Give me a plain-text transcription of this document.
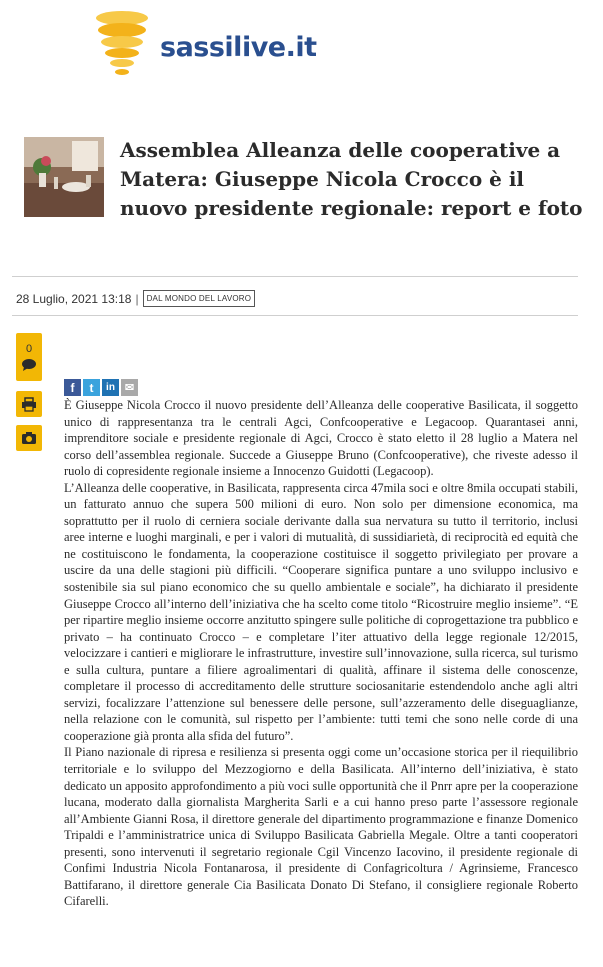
sassilive.it
Assemblea Alleanza delle cooperative a Matera: Giuseppe Nicola Crocco è il nuovo presidente regionale: report e foto
28 Luglio, 2021 13:18 |	DAL MONDO DEL LAVORO
0
f t in ✉

È Giuseppe Nicola Crocco il nuovo presidente dell’Alleanza delle cooperative Basilicata, il soggetto unico di rappresentanza tra le centrali Agci, Confcooperative e Legacoop. Quarantasei anni, imprenditore sociale e presidente regionale di Agci, Crocco è stato eletto il 28 luglio a Matera nel corso dell’assemblea regionale. Succede a Giuseppe Bruno (Confcooperative), che riveste adesso il ruolo di copresidente regionale insieme a Innocenzo Guidotti (Legacoop).

L’Alleanza delle cooperative, in Basilicata, rappresenta circa 47mila soci e oltre 8mila occupati stabili, un fatturato annuo che supera 500 milioni di euro. Non solo per dimensione economica, ma soprattutto per il ruolo di cerniera sociale derivante dalla sua nervatura su tutto il territorio, inclusi aree interne e luoghi marginali, e per i valori di mutualità, di sussidiarietà, di reciprocità ed equità che ne costituiscono le fondamenta, la cooperazione costituisce il soggetto privilegiato per provare a uscire da una delle stagioni più difficili. “Cooperare significa puntare a uno sviluppo inclusivo e sostenibile sia sul piano economico che su quello ambientale e sociale”, ha dichiarato il presidente Giuseppe Crocco all’interno dell’iniziativa che ha scelto come titolo “Ricostruire meglio insieme”. “E per ripartire meglio insieme occorre anzitutto spingere sulle politiche di coprogettazione tra pubblico e privato – ha continuato Crocco – e completare l’iter attuativo della legge regionale 12/2015, velocizzare i cantieri e migliorare le infrastrutture, investire sull’innovazione, sulla ricerca, sul turismo e sulla cultura, puntare a filiere agroalimentari di qualità, affinare il sistema delle conoscenze, completare il processo di accreditamento delle strutture sociosanitarie estendendolo anche agli altri servizi, focalizzare l’attenzione sul benessere delle persone, sull’azzeramento delle diseguaglianze, nella relazione con le comunità, sul rispetto per l’ambiente: tutti temi che sono nelle corde di una cooperazione già pronta alla sfida del futuro”.

Il Piano nazionale di ripresa e resilienza si presenta oggi come un’occasione storica per il riequilibrio territoriale e lo sviluppo del Mezzogiorno e della Basilicata. All’interno dell’iniziativa, è stato dedicato un apposito approfondimento a più voci sulle opportunità che il Pnrr apre per la cooperazione lucana, moderato dalla giornalista Margherita Sarli e a cui hanno preso parte l’assessore regionale all’Ambiente Gianni Rosa, il direttore generale del dipartimento programmazione e finanze Domenico Tripaldi e l’amministratrice unica di Sviluppo Basilicata Gabriella Megale. Oltre a tanti cooperatori presenti, sono intervenuti il segretario regionale Cgil Vincenzo Iacovino, il presidente regionale di Confimi Industria Nicola Fontanarosa, il presidente di Confagricoltura / Agrinsieme, Francesco Battifarano, il direttore generale Cia Basilicata Donato Di Stefano, il consigliere regionale Roberto Cifarelli.
